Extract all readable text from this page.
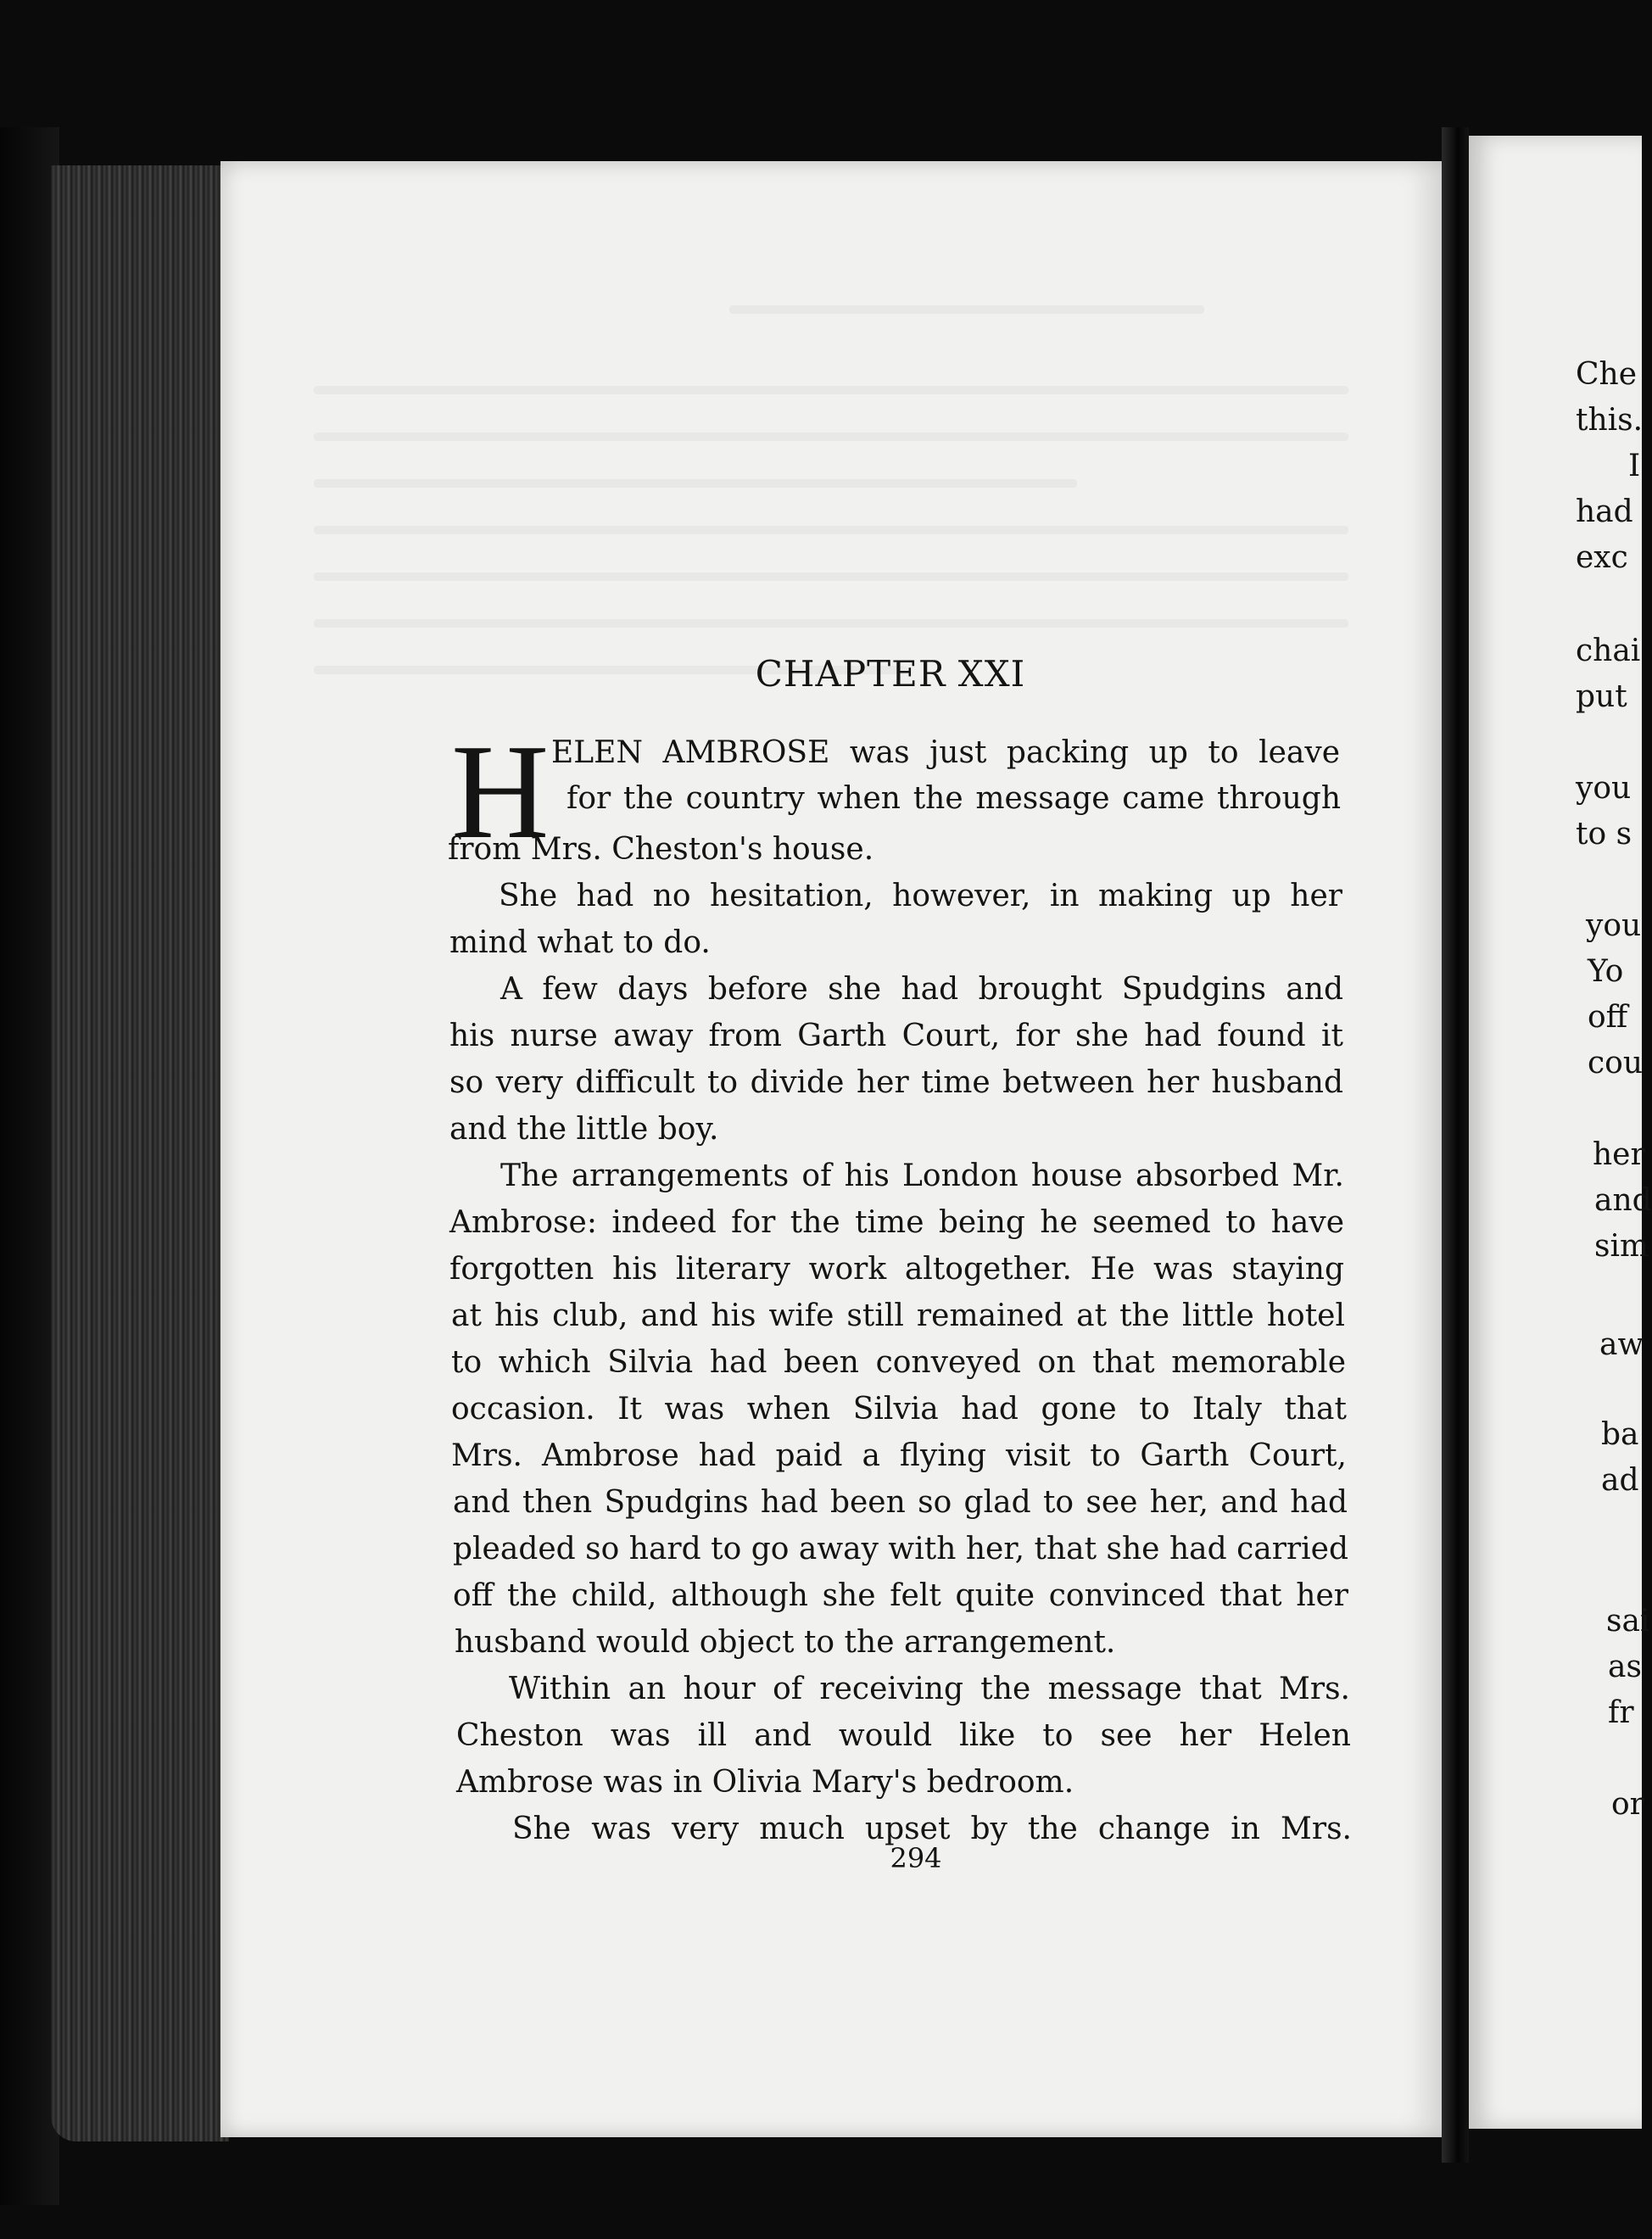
CHAPTER XXI
H ELEN AMBROSE was just packing up to leave
for the country when the message came through
from Mrs. Cheston's house.
She had no hesitation, however, in making up her
mind what to do.
A few days before she had brought Spudgins and
his nurse away from Garth Court, for she had found it
so very difficult to divide her time between her husband
and the little boy.
The arrangements of his London house absorbed Mr.
Ambrose: indeed for the time being he seemed to have
forgotten his literary work altogether. He was staying
at his club, and his wife still remained at the little hotel
to which Silvia had been conveyed on that memorable
occasion. It was when Silvia had gone to Italy that
Mrs. Ambrose had paid a flying visit to Garth Court,
and then Spudgins had been so glad to see her, and had
pleaded so hard to go away with her, that she had carried
off the child, although she felt quite convinced that her
husband would object to the arrangement.
Within an hour of receiving the message that Mrs.
Cheston was ill and would like to see her Helen
Ambrose was in Olivia Mary's bedroom.
She was very much upset by the change in Mrs.
294
Che
this.
I
had
exc
chai
put
you
to s
you
Yo
off
cou
her
and
sim
aw
ba
ad
sai
as
fr
or
